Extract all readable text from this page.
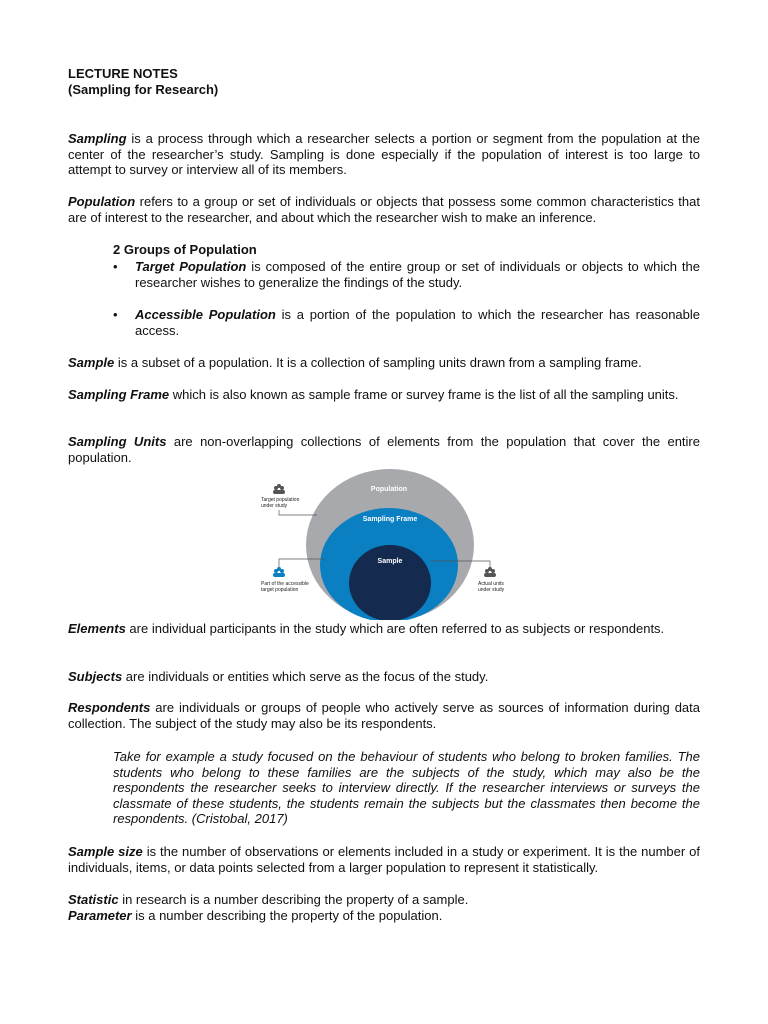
LECTURE NOTES
(Sampling for Research)

Sampling is a process through which a researcher selects a portion or segment from the population at the center of the researcher’s study. Sampling is done especially if the population of interest is too large to attempt to survey or interview all of its members.

Population refers to a group or set of individuals or objects that possess some common characteristics that are of interest to the researcher, and about which the researcher wish to make an inference.

2 Groups of Population
• Target Population is composed of the entire group or set of individuals or objects to which the researcher wishes to generalize the findings of the study.

• Accessible Population is a portion of the population to which the researcher has reasonable access.

Sample is a subset of a population. It is a collection of sampling units drawn from a sampling frame.

Sampling Frame which is also known as sample frame or survey frame is the list of all the sampling units.

Sampling Units are non-overlapping collections of elements from the population that cover the entire population.

Elements are individual participants in the study which are often referred to as subjects or respondents.

Subjects are individuals or entities which serve as the focus of the study.

Respondents are individuals or groups of people who actively serve as sources of information during data collection. The subject of the study may also be its respondents.

Take for example a study focused on the behaviour of students who belong to broken families. The students who belong to these families are the subjects of the study, which may also be the respondents the researcher seeks to interview directly. If the researcher interviews or surveys the classmate of these students, the students remain the subjects but the classmates then become the respondents. (Cristobal, 2017)

Sample size is the number of observations or elements included in a study or experiment. It is the number of individuals, items, or data points selected from a larger population to represent it statistically.

Statistic in research is a number describing the property of a sample.

Parameter is a number describing the property of the population.

Population
Sampling Frame
Sample
Target population
under study
Part of the accessible
target population
Actual units
under study
